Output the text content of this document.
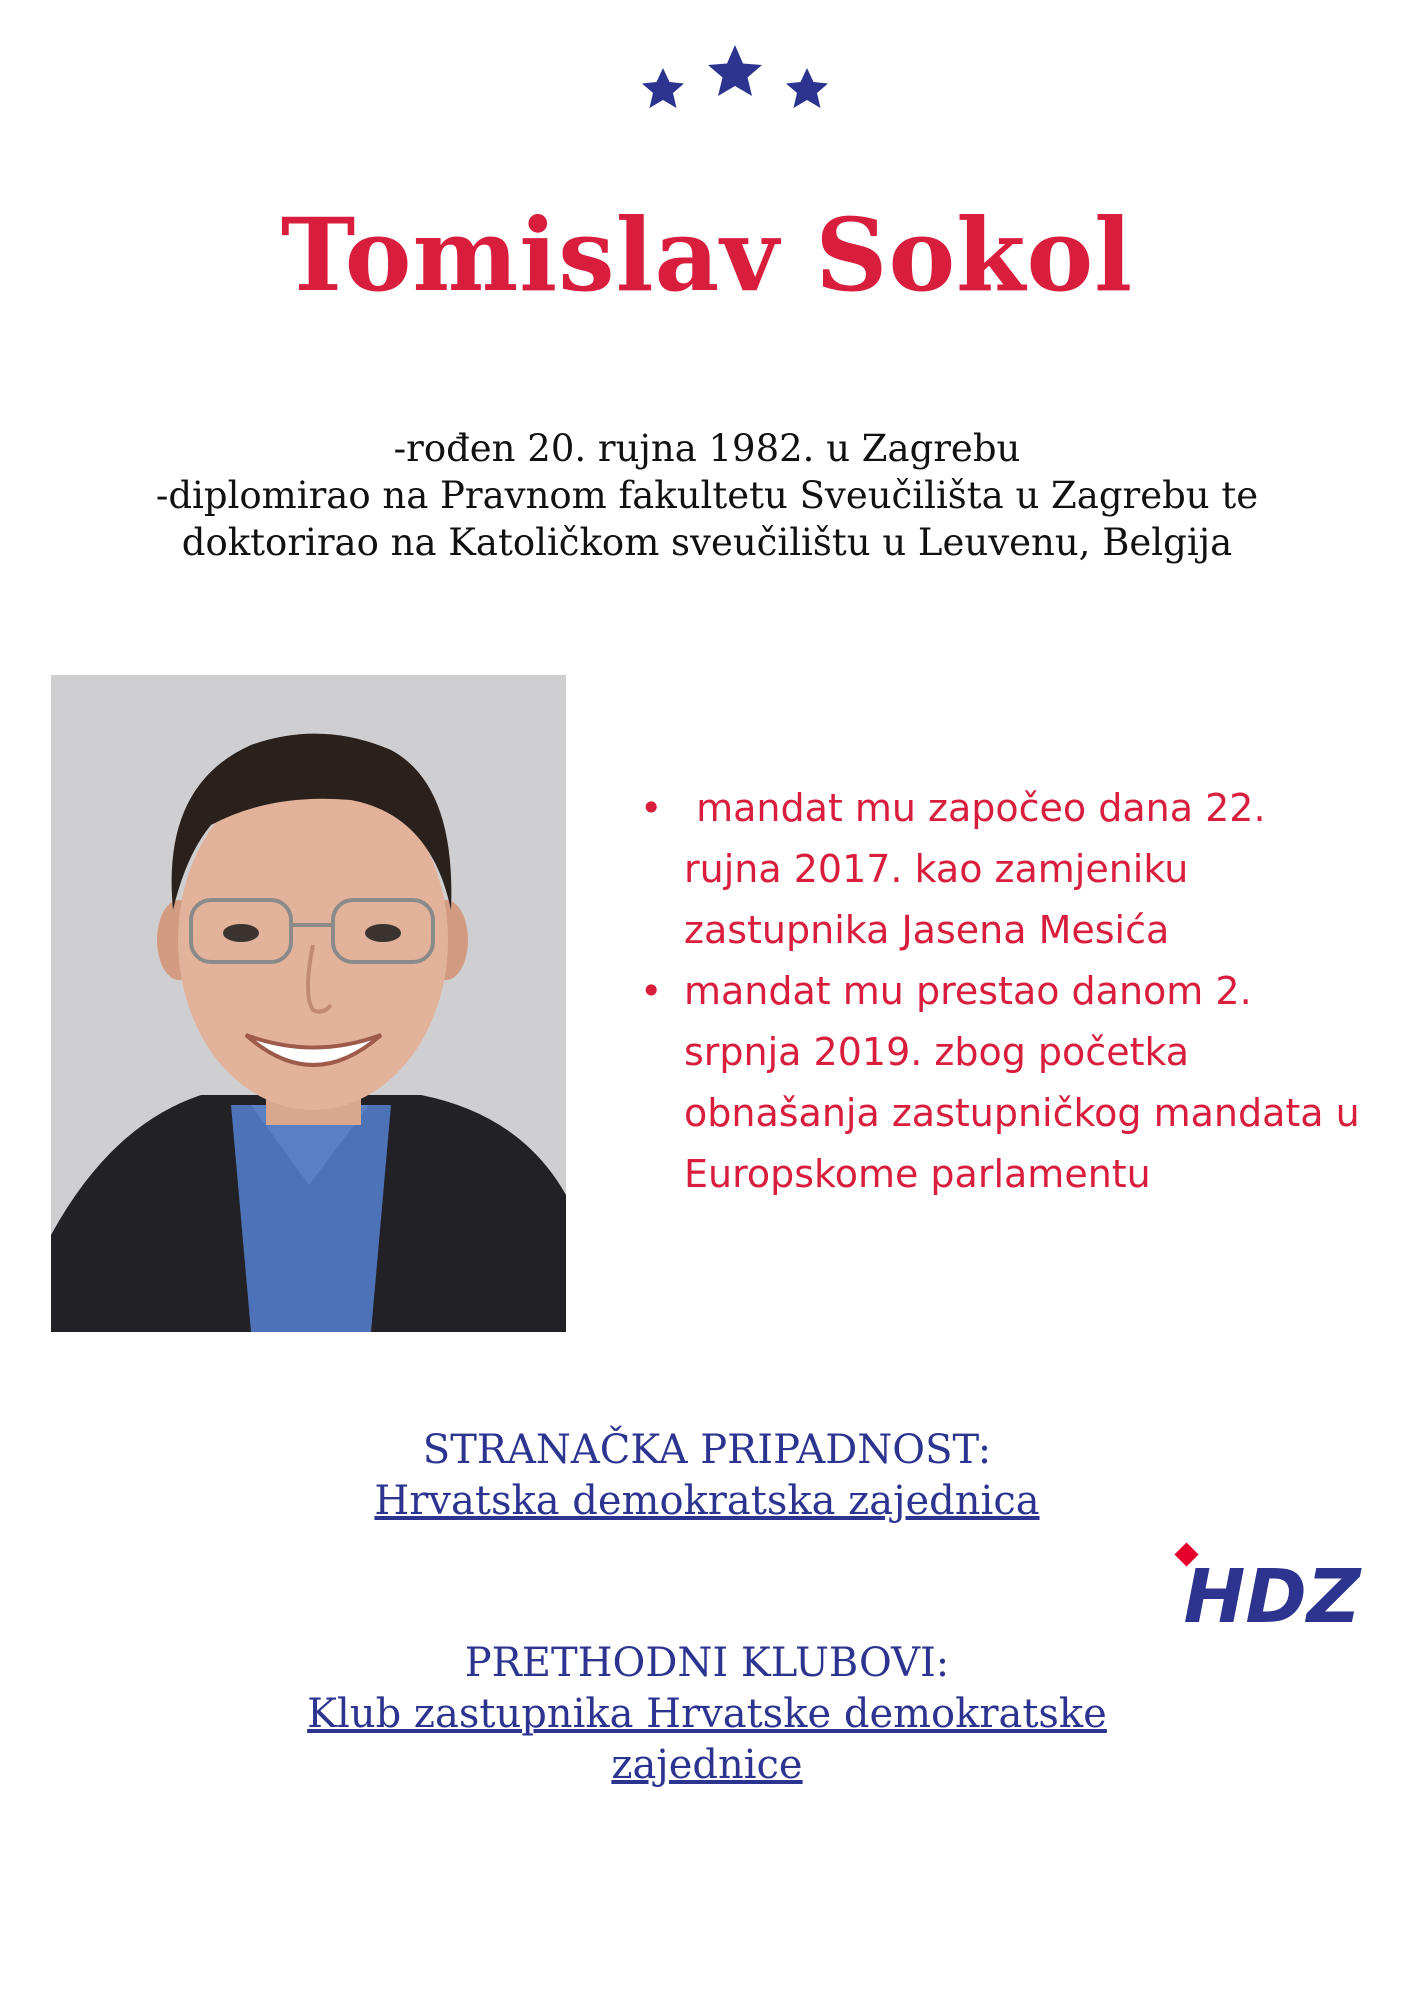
Tomislav Sokol
-rođen 20. rujna 1982. u Zagrebu
-diplomirao na Pravnom fakultetu Sveučilišta u Zagrebu te doktorirao na Katoličkom sveučilištu u Leuvenu, Belgija
• mandat mu započeo dana 22. rujna 2017. kao zamjeniku zastupnika Jasena Mesića
• mandat mu prestao danom 2. srpnja 2019. zbog početka obnašanja zastupničkog mandata u Europskome parlamentu
STRANAČKA PRIPADNOST:
Hrvatska demokratska zajednica
HDZ
PRETHODNI KLUBOVI:
Klub zastupnika Hrvatske demokratske zajednice
